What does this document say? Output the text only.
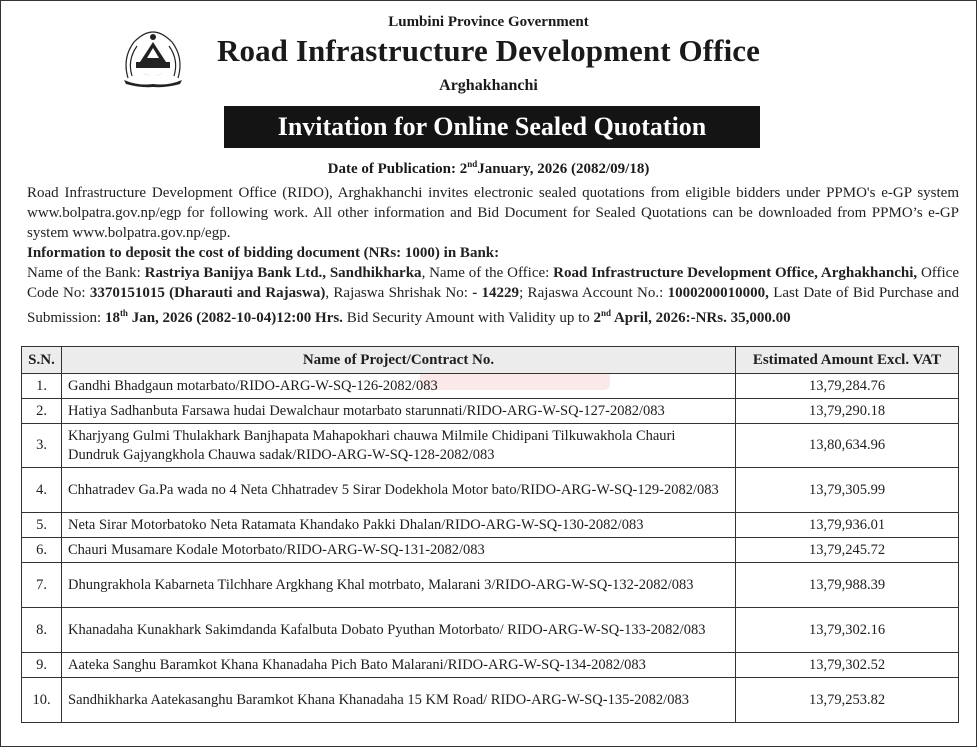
Lumbini Province Government
Road Infrastructure Development Office
Arghakhanchi
Invitation for Online Sealed Quotation
Date of Publication: 2ndJanuary, 2026 (2082/09/18)

Road Infrastructure Development Office (RIDO), Arghakhanchi invites electronic sealed quotations from eligible bidders under PPMO's e-GP system www.bolpatra.gov.np/egp for following work. All other information and Bid Document for Sealed Quotations can be downloaded from PPMO’s e-GP system www.bolpatra.gov.np/egp.

Information to deposit the cost of bidding document (NRs: 1000) in Bank:

Name of the Bank: Rastriya Banijya Bank Ltd., Sandhikharka, Name of the Office: Road Infrastructure Development Office, Arghakhanchi, Office Code No: 3370151015 (Dharauti and Rajaswa), Rajaswa Shrishak No: - 14229; Rajaswa Account No.: 1000200010000, Last Date of Bid Purchase and Submission: 18th Jan, 2026 (2082-10-04)12:00 Hrs. Bid Security Amount with Validity up to 2nd April, 2026:-NRs. 35,000.00

S.N.	Name of Project/Contract No.	Estimated Amount Excl. VAT
1.	Gandhi Bhadgaun motarbato/RIDO-ARG-W-SQ-126-2082/083	13,79,284.76
2.	Hatiya Sadhanbuta Farsawa hudai Dewalchaur motarbato starunnati/RIDO-ARG-W-SQ-127-2082/083	13,79,290.18
3.	Kharjyang Gulmi Thulakhark Banjhapata Mahapokhari chauwa Milmile Chidipani Tilkuwakhola Chauri Dundruk Gajyangkhola Chauwa sadak/RIDO-ARG-W-SQ-128-2082/083	13,80,634.96
4.	Chhatradev Ga.Pa wada no 4 Neta Chhatradev 5 Sirar Dodekhola Motor bato/RIDO-ARG-W-SQ-129-2082/083	13,79,305.99
5.	Neta Sirar Motorbatoko Neta Ratamata Khandako Pakki Dhalan/RIDO-ARG-W-SQ-130-2082/083	13,79,936.01
6.	Chauri Musamare Kodale Motorbato/RIDO-ARG-W-SQ-131-2082/083	13,79,245.72
7.	Dhungrakhola Kabarneta Tilchhare Argkhang Khal motrbato, Malarani 3/RIDO-ARG-W-SQ-132-2082/083	13,79,988.39
8.	Khanadaha Kunakhark Sakimdanda Kafalbuta Dobato Pyuthan Motorbato/ RIDO-ARG-W-SQ-133-2082/083	13,79,302.16
9.	Aateka Sanghu Baramkot Khana Khanadaha Pich Bato Malarani/RIDO-ARG-W-SQ-134-2082/083	13,79,302.52
10.	Sandhikharka Aatekasanghu Baramkot Khana Khanadaha 15 KM Road/ RIDO-ARG-W-SQ-135-2082/083	13,79,253.82
